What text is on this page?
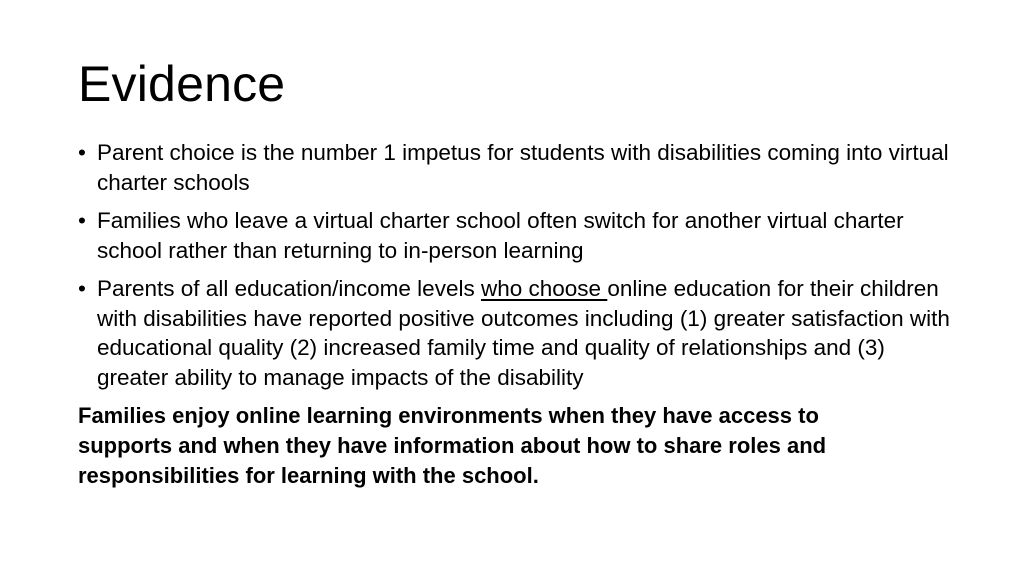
Evidence
• Parent choice is the number 1 impetus for students with disabilities coming into virtual charter schools
• Families who leave a virtual charter school often switch for another virtual charter school rather than returning to in-person learning
• Parents of all education/income levels who choose online education for their children with disabilities have reported positive outcomes including (1) greater satisfaction with educational quality (2) increased family time and quality of relationships and (3) greater ability to manage impacts of the disability
Families enjoy online learning environments when they have access to supports and when they have information about how to share roles and responsibilities for learning with the school.
